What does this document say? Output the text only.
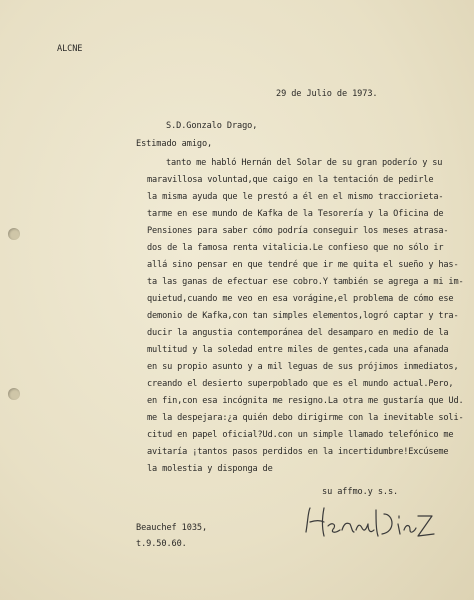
ALCNE
29 de Julio de 1973.
S.D.Gonzalo Drago,
Estimado amigo,
tanto me habló Hernán del Solar de su gran poderío y su
maravillosa voluntad,que caigo en la tentación de pedirle
la misma ayuda que le prestó a él en el mismo tracciorieta-
tarme en ese mundo de Kafka de la Tesorería y la Oficina de
Pensiones para saber cómo podría conseguir los meses atrasa-
dos de la famosa renta vitalicia.Le confieso que no sólo ir
allá sino pensar en que tendré que ir me quita el sueño y has-
ta las ganas de efectuar ese cobro.Y también se agrega a mi im-
quietud,cuando me veo en esa vorágine,el problema de cómo ese
demonio de Kafka,con tan simples elementos,logró captar y tra-
ducir la angustia contemporánea del desamparo en medio de la
multitud y la soledad entre miles de gentes,cada una afanada
en su propio asunto y a mil leguas de sus prójimos inmediatos,
creando el desierto superpoblado que es el mundo actual.Pero,
en fin,con esa incógnita me resigno.La otra me gustaría que Ud.
me la despejara:¿a quién debo dirigirme con la inevitable soli-
citud en papel oficial?Ud.con un simple llamado telefónico me
avitaría ¡tantos pasos perdidos en la incertidumbre!Excúseme
la molestia y disponga de
su affmo.y s.s.
Beauchef 1035,
t.9.50.60.
